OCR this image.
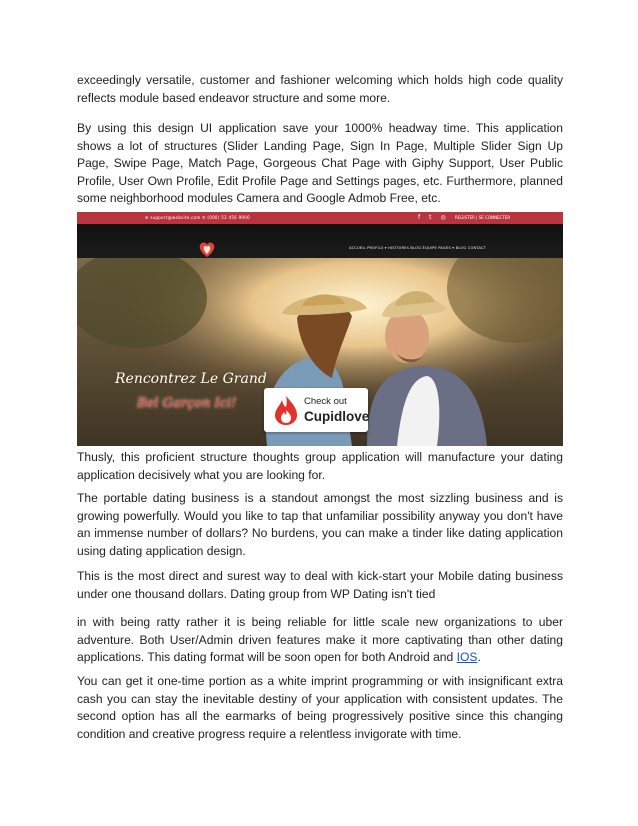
exceedingly versatile, customer and fashioner welcoming which holds high code quality reflects module based endeavor structure and some more.

By using this design UI application save your 1000% headway time. This application shows a lot of structures (Slider Landing Page, Sign In Page, Multiple Slider Sign Up Page, Swipe Page, Match Page, Gorgeous Chat Page with Giphy Support, User Public Profile, User Own Profile, Edit Profile Page and Settings pages, etc. Furthermore, planned some neighborhood modules Camera and Google Admob Free, etc.

✉ support@website.com ✆ (000) 53 456 9900	f t ◎ REGISTER | SE CONNECTER
ACCUEIL PROFILS ▾ HISTOIRES BLOG ÉQUIPE PAGES ▾ BLOG CONTACT
Rencontrez Le Grand
Bel Garçon Ici!	Check out
Cupidlove

Thusly, this proficient structure thoughts group application will manufacture your dating application decisively what you are looking for.

The portable dating business is a standout amongst the most sizzling business and is growing powerfully. Would you like to tap that unfamiliar possibility anyway you don't have an immense number of dollars? No burdens, you can make a tinder like dating application using dating application design.

This is the most direct and surest way to deal with kick-start your Mobile dating business under one thousand dollars. Dating group from WP Dating isn't tied

in with being ratty rather it is being reliable for little scale new organizations to uber adventure. Both User/Admin driven features make it more captivating than other dating applications. This dating format will be soon open for both Android and IOS.

You can get it one-time portion as a white imprint programming or with insignificant extra cash you can stay the inevitable destiny of your application with consistent updates. The second option has all the earmarks of being progressively positive since this changing condition and creative progress require a relentless invigorate with time.
